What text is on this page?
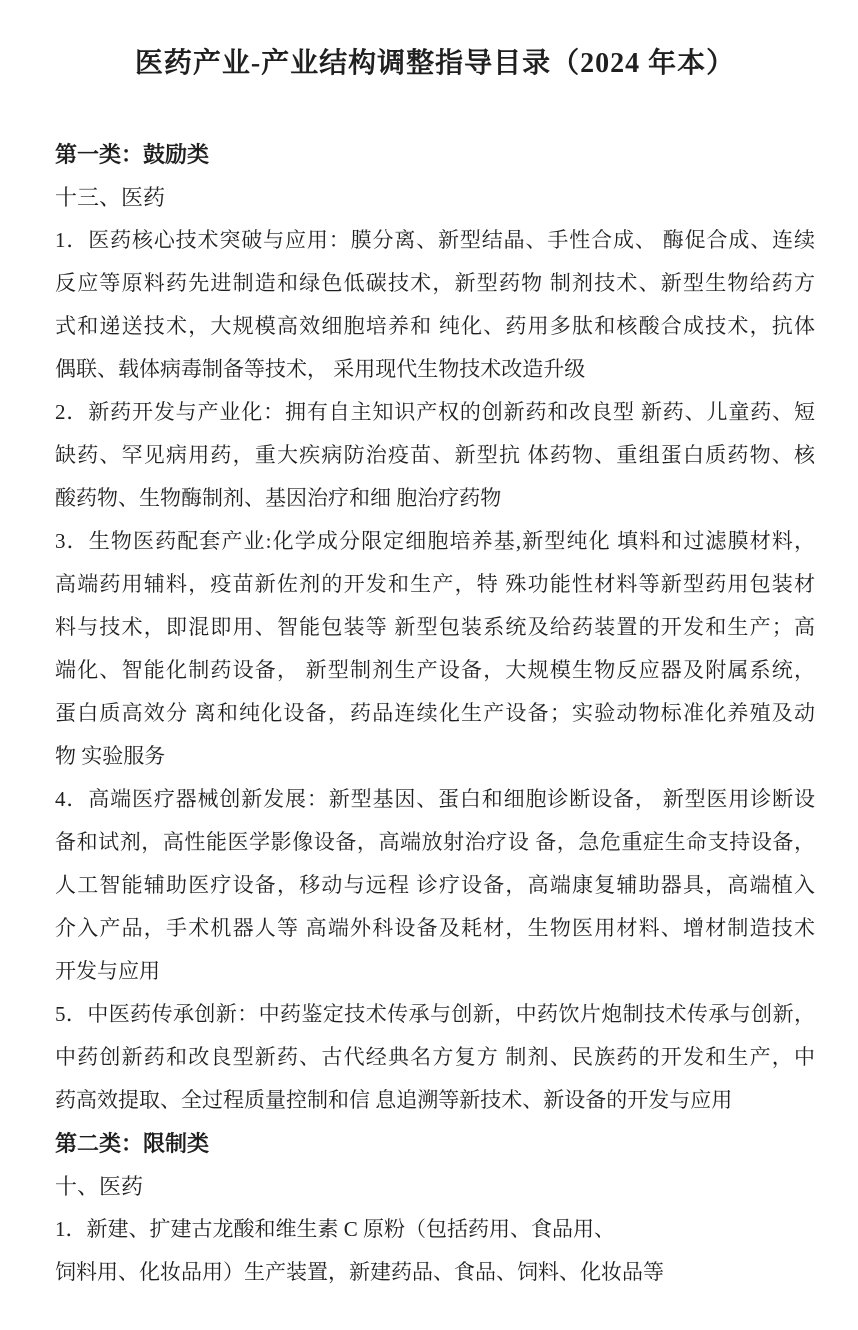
医药产业-产业结构调整指导目录（2024 年本）
第一类：鼓励类
十三、医药
1．医药核心技术突破与应用：膜分离、新型结晶、手性合成、 酶促合成、连续
反应等原料药先进制造和绿色低碳技术，新型药物 制剂技术、新型生物给药方
式和递送技术，大规模高效细胞培养和 纯化、药用多肽和核酸合成技术，抗体
偶联、载体病毒制备等技术， 采用现代生物技术改造升级
2．新药开发与产业化：拥有自主知识产权的创新药和改良型 新药、儿童药、短
缺药、罕见病用药，重大疾病防治疫苗、新型抗 体药物、重组蛋白质药物、核
酸药物、生物酶制剂、基因治疗和细 胞治疗药物
3．生物医药配套产业:化学成分限定细胞培养基,新型纯化 填料和过滤膜材料，
高端药用辅料，疫苗新佐剂的开发和生产，特 殊功能性材料等新型药用包装材
料与技术，即混即用、智能包装等 新型包装系统及给药装置的开发和生产；高
端化、智能化制药设备， 新型制剂生产设备，大规模生物反应器及附属系统，
蛋白质高效分 离和纯化设备，药品连续化生产设备；实验动物标准化养殖及动
物 实验服务
4．高端医疗器械创新发展：新型基因、蛋白和细胞诊断设备， 新型医用诊断设
备和试剂，高性能医学影像设备，高端放射治疗设 备，急危重症生命支持设备，
人工智能辅助医疗设备，移动与远程 诊疗设备，高端康复辅助器具，高端植入
介入产品，手术机器人等 高端外科设备及耗材，生物医用材料、增材制造技术
开发与应用
5．中医药传承创新：中药鉴定技术传承与创新，中药饮片炮制技术传承与创新，
中药创新药和改良型新药、古代经典名方复方 制剂、民族药的开发和生产，中
药高效提取、全过程质量控制和信 息追溯等新技术、新设备的开发与应用
第二类：限制类
十、医药
1．新建、扩建古龙酸和维生素 C 原粉（包括药用、食品用、
饲料用、化妆品用）生产装置，新建药品、食品、饲料、化妆品等
